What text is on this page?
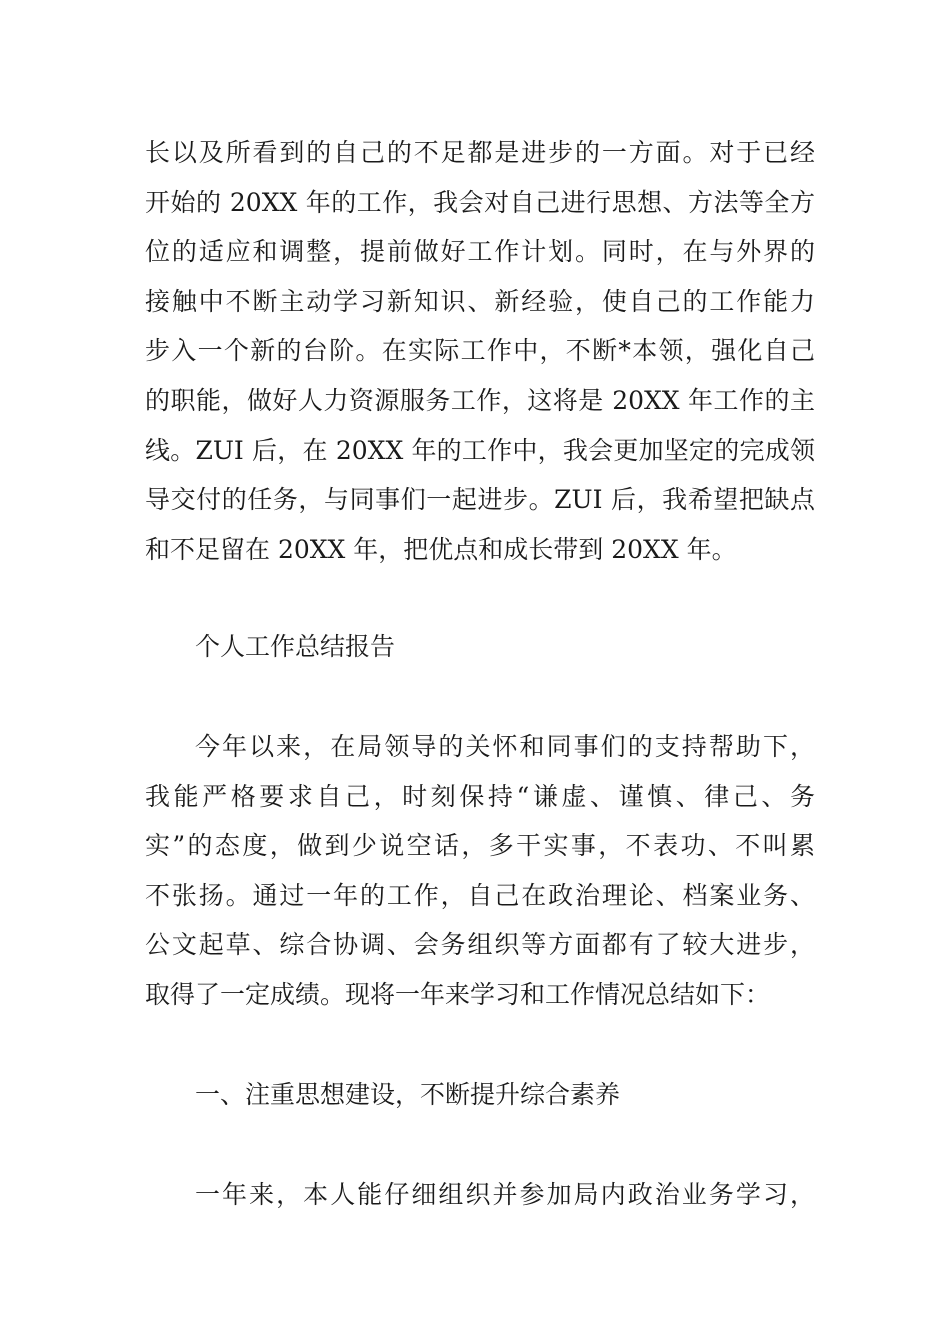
长以及所看到的自己的不足都是进步的一方面。对于已经
开始的 20XX 年的工作，我会对自己进行思想、方法等全方
位的适应和调整，提前做好工作计划。同时，在与外界的
接触中不断主动学习新知识、新经验，使自己的工作能力
步入一个新的台阶。在实际工作中，不断*本领，强化自己
的职能，做好人力资源服务工作，这将是 20XX 年工作的主
线。ZUI 后，在 20XX 年的工作中，我会更加坚定的完成领
导交付的任务，与同事们一起进步。ZUI 后，我希望把缺点
和不足留在 20XX 年，把优点和成长带到 20XX 年。
个人工作总结报告
今年以来，在局领导的关怀和同事们的支持帮助下，
我能严格要求自己，时刻保持“谦虚、谨慎、律己、务
实”的态度，做到少说空话，多干实事，不表功、不叫累
不张扬。通过一年的工作，自己在政治理论、档案业务、
公文起草、综合协调、会务组织等方面都有了较大进步，
取得了一定成绩。现将一年来学习和工作情况总结如下：
一、注重思想建设，不断提升综合素养
一年来，本人能仔细组织并参加局内政治业务学习，
